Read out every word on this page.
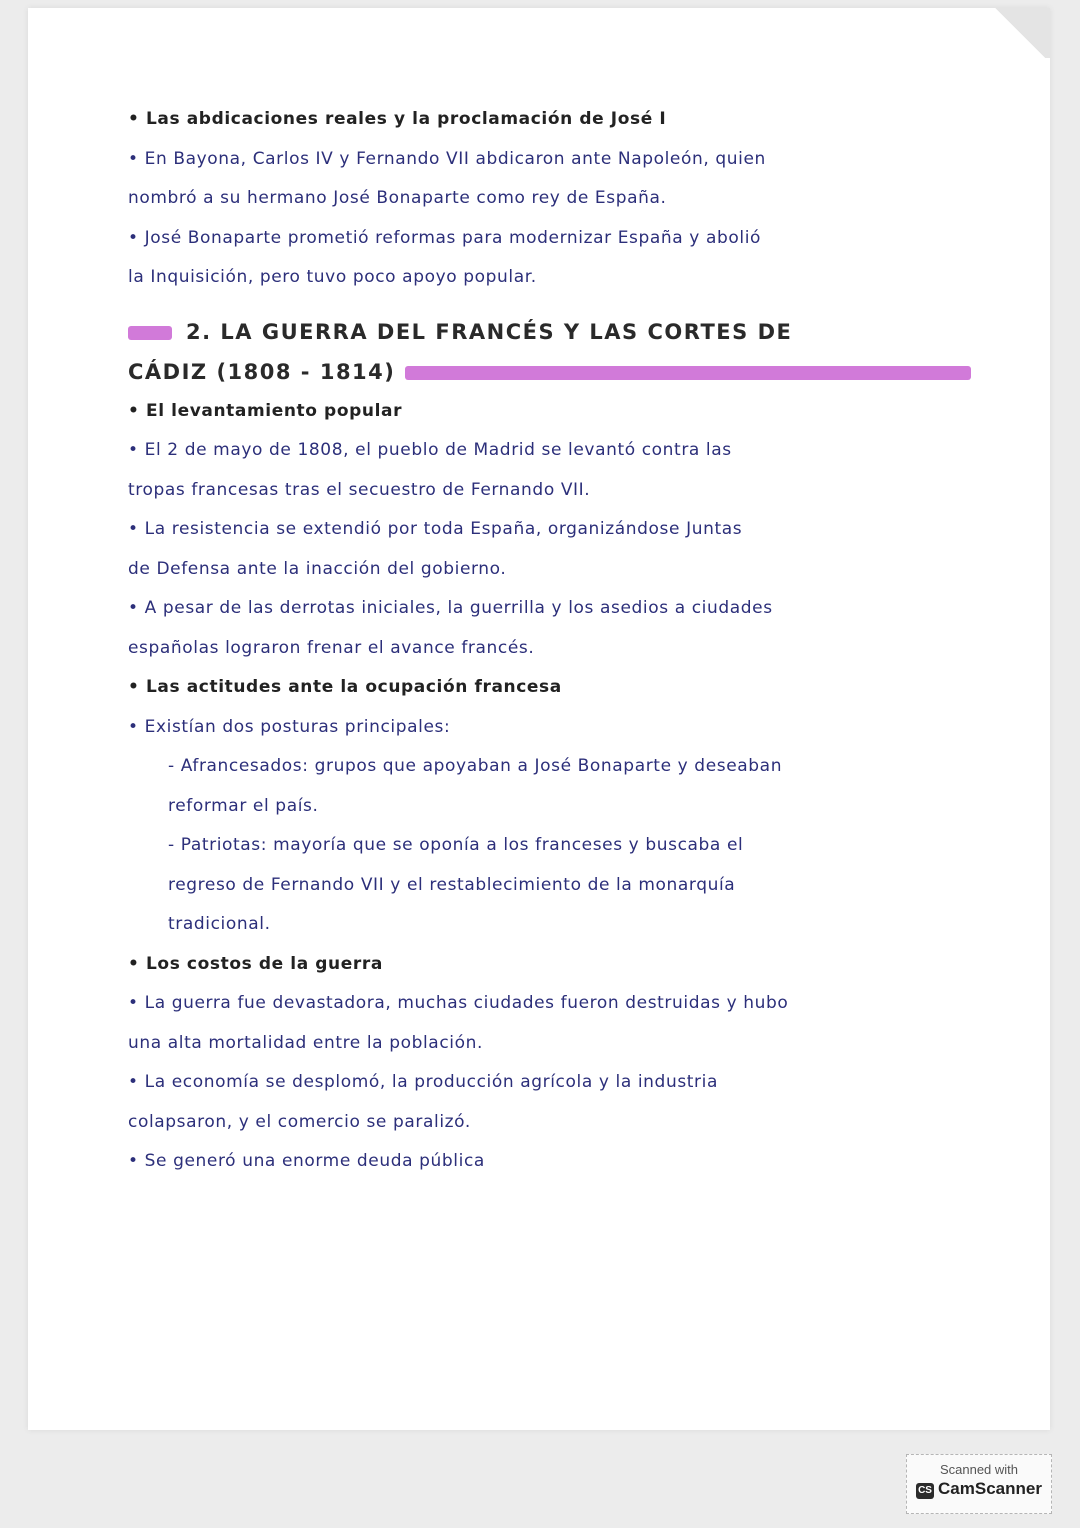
• Las abdicaciones reales y la proclamación de José I
• En Bayona, Carlos IV y Fernando VII abdicaron ante Napoleón, quien
nombró a su hermano José Bonaparte como rey de España.
• José Bonaparte prometió reformas para modernizar España y abolió
la Inquisición, pero tuvo poco apoyo popular.
2. LA GUERRA DEL FRANCÉS Y LAS CORTES DE
CÁDIZ (1808 - 1814)
• El levantamiento popular
• El 2 de mayo de 1808, el pueblo de Madrid se levantó contra las
tropas francesas tras el secuestro de Fernando VII.
• La resistencia se extendió por toda España, organizándose Juntas
de Defensa ante la inacción del gobierno.
• A pesar de las derrotas iniciales, la guerrilla y los asedios a ciudades
españolas lograron frenar el avance francés.
• Las actitudes ante la ocupación francesa
• Existían dos posturas principales:
- Afrancesados: grupos que apoyaban a José Bonaparte y deseaban
reformar el país.
- Patriotas: mayoría que se oponía a los franceses y buscaba el
regreso de Fernando VII y el restablecimiento de la monarquía
tradicional.
• Los costos de la guerra
• La guerra fue devastadora, muchas ciudades fueron destruidas y hubo
una alta mortalidad entre la población.
• La economía se desplomó, la producción agrícola y la industria
colapsaron, y el comercio se paralizó.
• Se generó una enorme deuda pública
Scanned with
CS CamScanner
